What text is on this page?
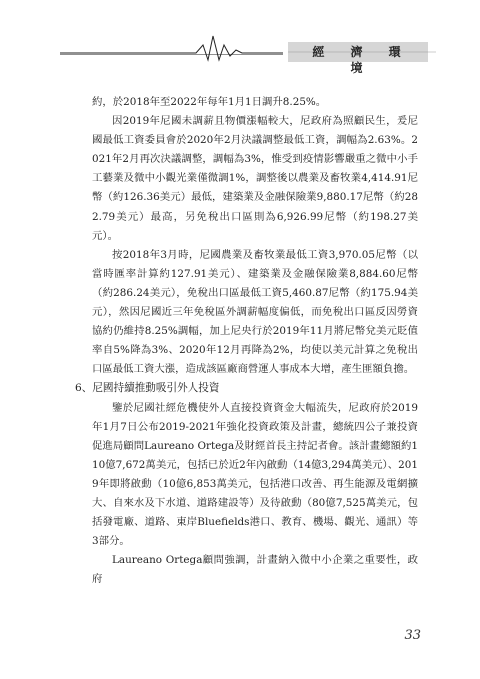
經 濟 環 境

約，於2018年至2022年每年1月1日調升8.25%。

因2019年尼國未調薪且物價漲幅較大，尼政府為照顧民生，爰尼國最低工資委員會於2020年2月決議調整最低工資，調幅為2.63%。2021年2月再次決議調整，調幅為3%，惟受到疫情影響嚴重之微中小手工藝業及微中小觀光業僅微調1%，調整後以農業及畜牧業4,414.91尼幣（約126.36美元）最低，建築業及金融保險業9,880.17尼幣（約282.79美元）最高，另免稅出口區則為6,926.99尼幣（約198.27美元）。

按2018年3月時，尼國農業及畜牧業最低工資3,970.05尼幣（以當時匯率計算約127.91美元）、建築業及金融保險業8,884.60尼幣（約286.24美元），免稅出口區最低工資5,460.87尼幣（約175.94美元），然因尼國近三年免稅區外調薪幅度偏低，而免稅出口區反因勞資協約仍維持8.25%調幅，加上尼央行於2019年11月將尼幣兌美元貶值率自5%降為3%、2020年12月再降為2%，均使以美元計算之免稅出口區最低工資大漲，造成該區廠商營運人事成本大增，產生匪額負擔。

6、尼國持續推動吸引外人投資

鑒於尼國社經危機使外人直接投資資金大幅流失，尼政府於2019年1月7日公布2019-2021年強化投資政策及計畫，總統四公子兼投資促進局顧問Laureano Ortega及財經首長主持記者會。該計畫總額約110億7,672萬美元，包括已於近2年內啟動（14億3,294萬美元）、2019年即將啟動（10億6,853萬美元，包括港口改善、再生能源及電網擴大、自來水及下水道、道路建設等）及待啟動（80億7,525萬美元，包括發電廠、道路、東岸Bluefields港口、教育、機場、觀光、通訊）等3部分。

Laureano Ortega顧問強調，計畫納入微中小企業之重要性，政府

33
